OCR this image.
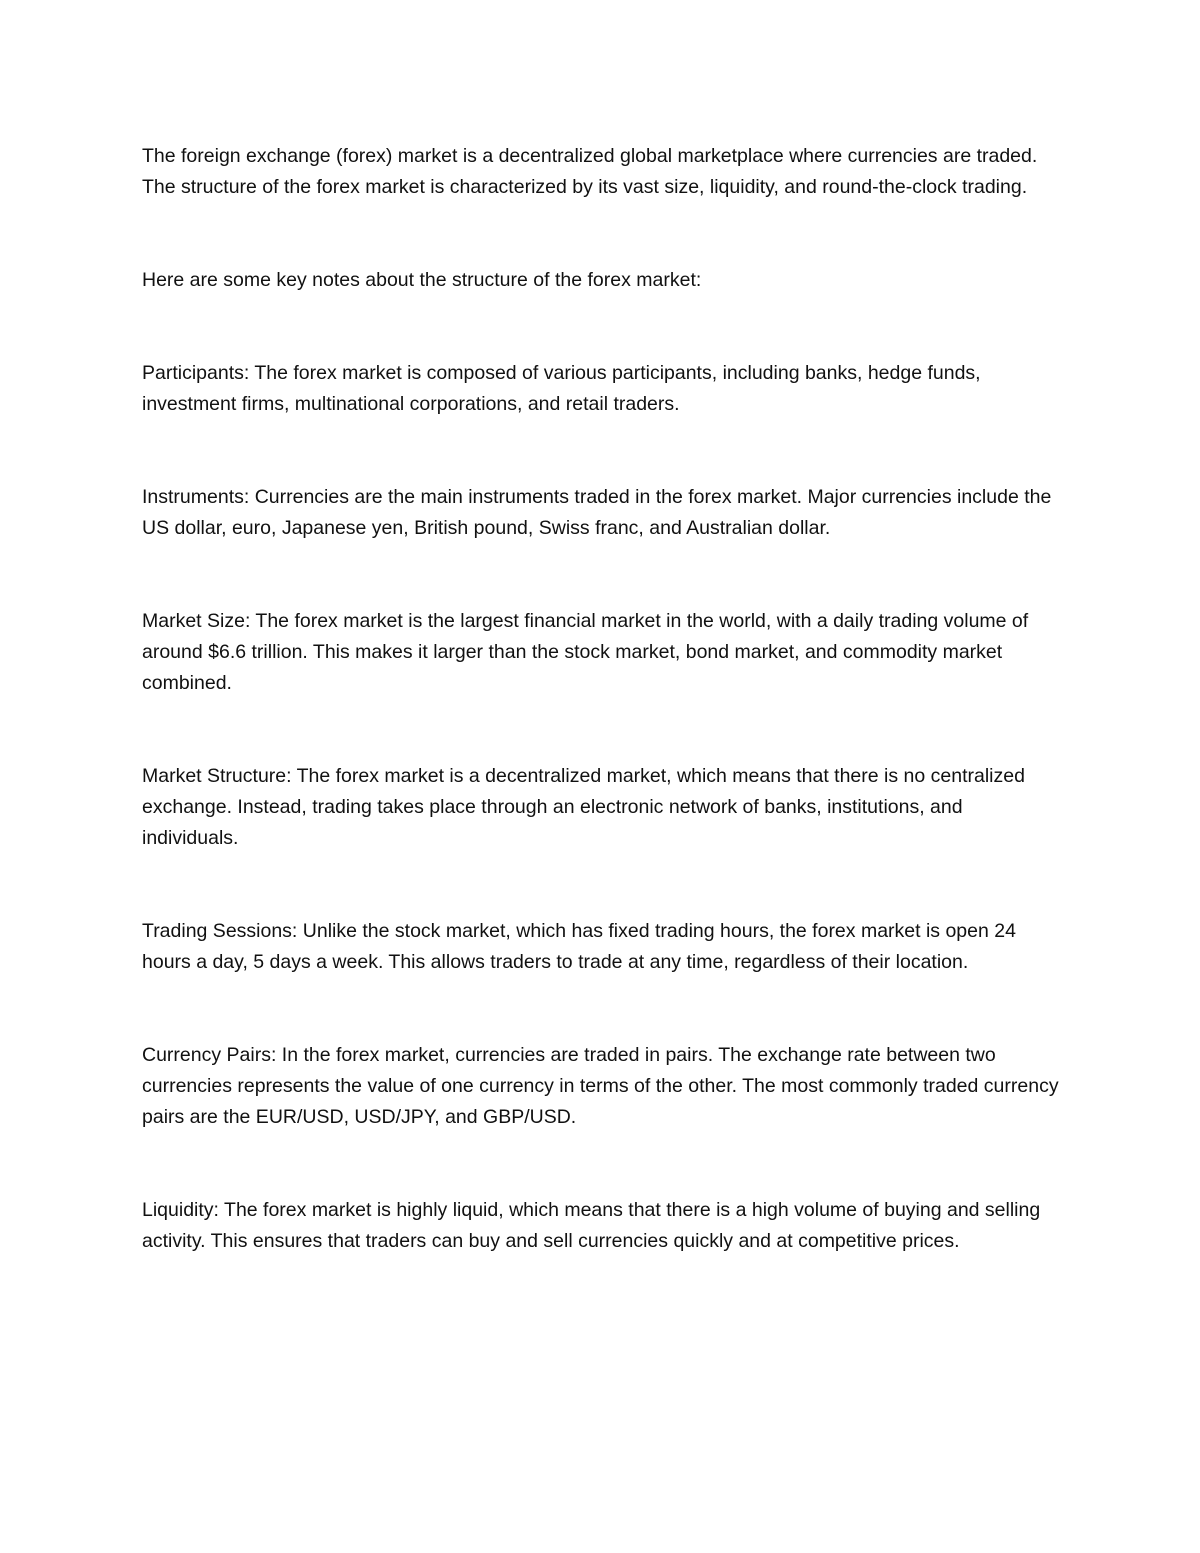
The foreign exchange (forex) market is a decentralized global marketplace where currencies are traded. The structure of the forex market is characterized by its vast size, liquidity, and round-the-clock trading.

Here are some key notes about the structure of the forex market:

Participants: The forex market is composed of various participants, including banks, hedge funds, investment firms, multinational corporations, and retail traders.

Instruments: Currencies are the main instruments traded in the forex market. Major currencies include the US dollar, euro, Japanese yen, British pound, Swiss franc, and Australian dollar.

Market Size: The forex market is the largest financial market in the world, with a daily trading volume of around $6.6 trillion. This makes it larger than the stock market, bond market, and commodity market combined.

Market Structure: The forex market is a decentralized market, which means that there is no centralized exchange. Instead, trading takes place through an electronic network of banks, institutions, and individuals.

Trading Sessions: Unlike the stock market, which has fixed trading hours, the forex market is open 24 hours a day, 5 days a week. This allows traders to trade at any time, regardless of their location.

Currency Pairs: In the forex market, currencies are traded in pairs. The exchange rate between two currencies represents the value of one currency in terms of the other. The most commonly traded currency pairs are the EUR/USD, USD/JPY, and GBP/USD.

Liquidity: The forex market is highly liquid, which means that there is a high volume of buying and selling activity. This ensures that traders can buy and sell currencies quickly and at competitive prices.
